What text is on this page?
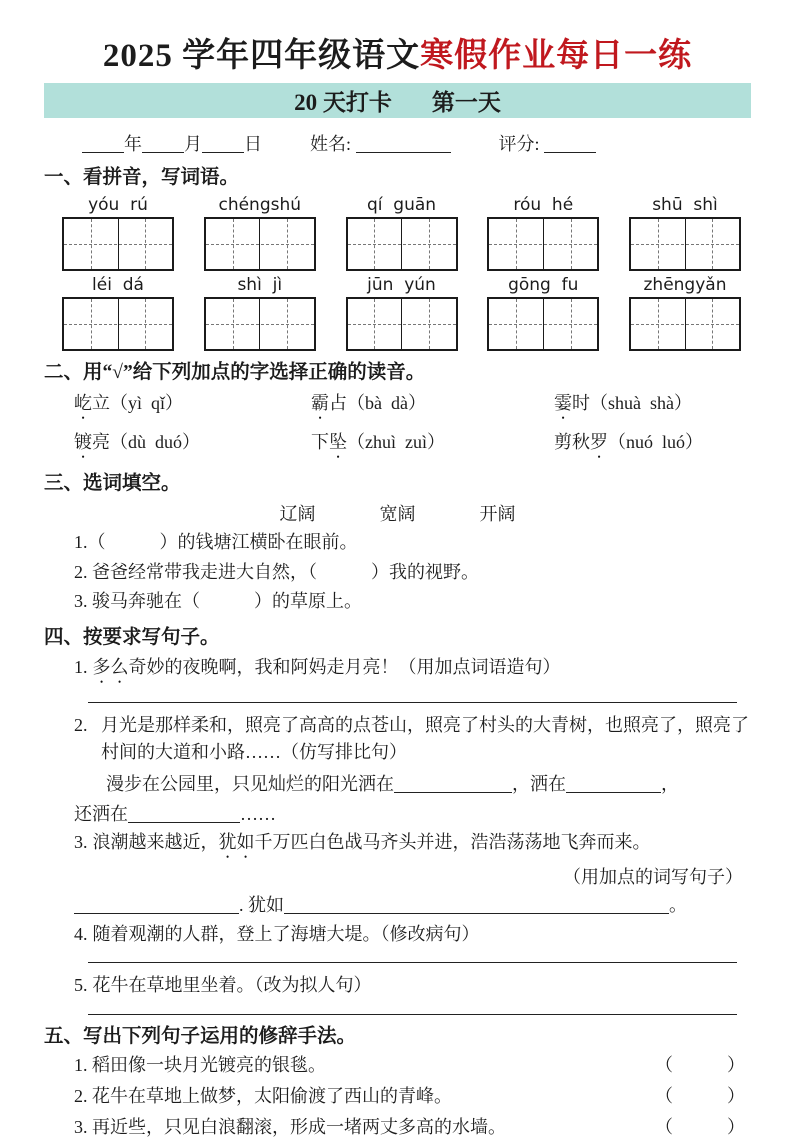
2025 学年四年级语文寒假作业每日一练
20 天打卡 第一天
年 月 日	姓名:	评分:
一、看拼音，写词语。
yóu  rú	chéngshú	qí  guān	róu  hé	shū  shì
léi  dá	shì  jì	jūn  yún	gōng  fu	zhēngyǎn
二、用“√”给下列加点的字选择正确的读音。
屹立（yì  qǐ）	霸占（bà  dà）	霎时（shuà  shà）
镀亮（dù  duó）	下坠（zhuì  zuì）	剪秋罗（nuó  luó）
三、选词填空。
辽阔	宽阔	开阔
1.（　　　）的钱塘江横卧在眼前。
2. 爸爸经常带我走进大自然，（　　　）我的视野。
3. 骏马奔驰在（　　　）的草原上。
四、按要求写句子。
1. 多么奇妙的夜晚啊，我和阿妈走月亮！（用加点词语造句）
2. 月光是那样柔和，照亮了高高的点苍山，照亮了村头的大青树，也照亮了，照亮了村间的大道和小路……（仿写排比句）
漫步在公园里，只见灿烂的阳光洒在	，洒在	，
还洒在	……
3. 浪潮越来越近，犹如千万匹白色战马齐头并进，浩浩荡荡地飞奔而来。
（用加点的词写句子）
. 犹如	。
4. 随着观潮的人群，登上了海塘大堤。（修改病句）
5. 花牛在草地里坐着。（改为拟人句）
五、写出下列句子运用的修辞手法。
1. 稻田像一块月光镀亮的银毯。	（　　　）
2. 花牛在草地上做梦，太阳偷渡了西山的青峰。	（　　　）
3. 再近些，只见白浪翻滚，形成一堵两丈多高的水墙。	（　　　）
